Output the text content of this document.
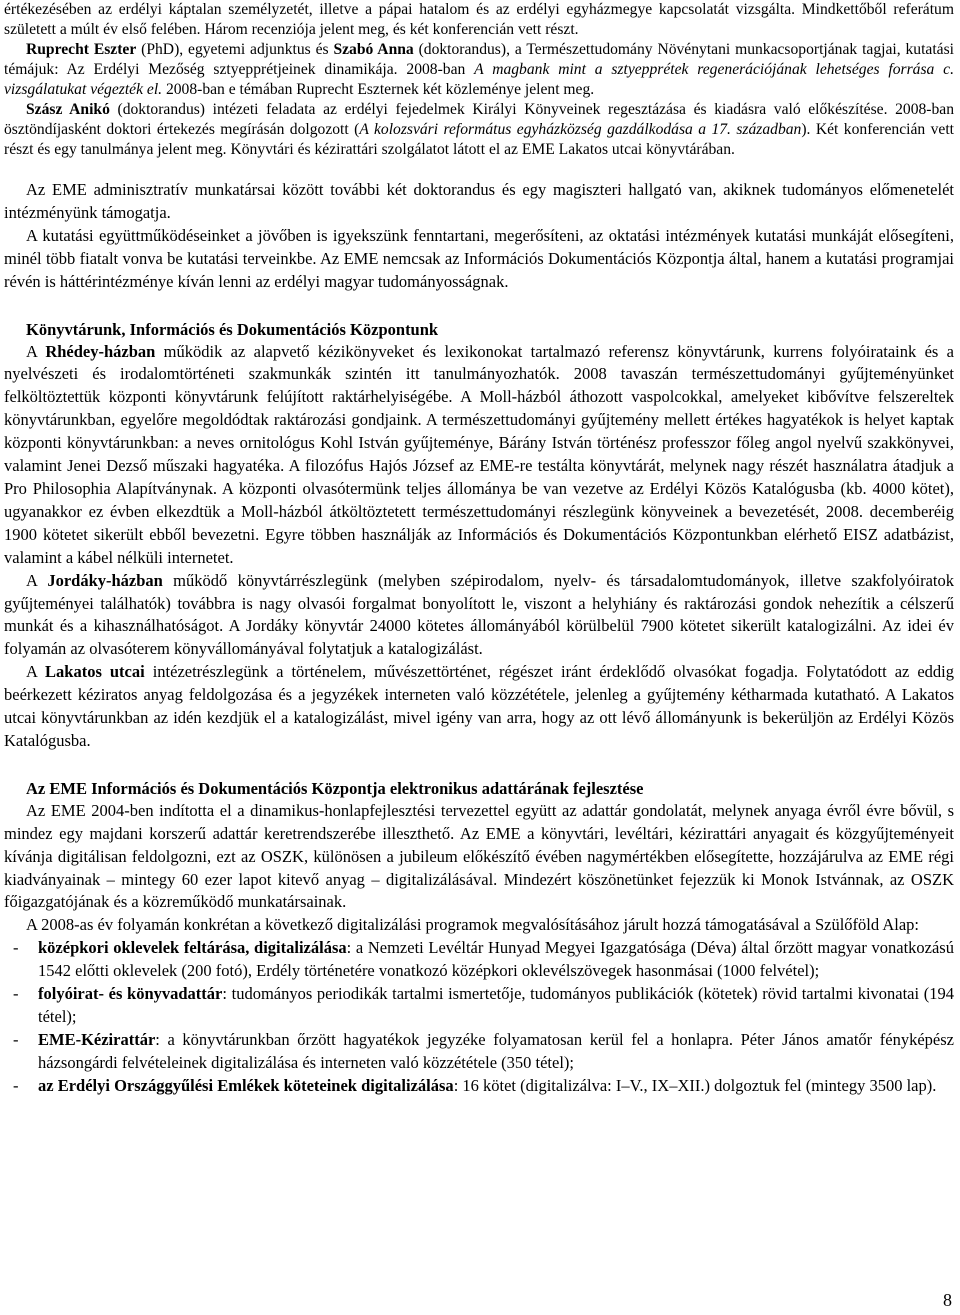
értékezésében az erdélyi káptalan személyzetét, illetve a pápai hatalom és az erdélyi egyházmegye kapcsolatát vizsgálta. Mindkettőből referátum született a múlt év első felében. Három recenziója jelent meg, és két konferencián vett részt.

Ruprecht Eszter (PhD), egyetemi adjunktus és Szabó Anna (doktorandus), a Természettudomány Növénytani munkacsoportjának tagjai, kutatási témájuk: Az Erdélyi Mezőség sztyepprétjeinek dinamikája. 2008-ban A magbank mint a sztyepprétek regenerációjának lehetséges forrása c. vizsgálatukat végezték el. 2008-ban e témában Ruprecht Eszternek két közleménye jelent meg.

Szász Anikó (doktorandus) intézeti feladata az erdélyi fejedelmek Királyi Könyveinek regesztázása és kiadásra való előkészítése. 2008-ban ösztöndíjasként doktori értekezés megírásán dolgozott (A kolozsvári református egyházközség gazdálkodása a 17. században). Két konferencián vett részt és egy tanulmánya jelent meg. Könyvtári és kézirattári szolgálatot látott el az EME Lakatos utcai könyvtárában.

Az EME adminisztratív munkatársai között további két doktorandus és egy magiszteri hallgató van, akiknek tudományos előmenetelét intézményünk támogatja.

A kutatási együttműködéseinket a jövőben is igyekszünk fenntartani, megerősíteni, az oktatási intézmények kutatási munkáját elősegíteni, minél több fiatalt vonva be kutatási terveinkbe. Az EME nemcsak az Információs Dokumentációs Központja által, hanem a kutatási programjai révén is háttérintézménye kíván lenni az erdélyi magyar tudományosságnak.

Könyvtárunk, Információs és Dokumentációs Központunk

A Rhédey-házban működik az alapvető kézikönyveket és lexikonokat tartalmazó referensz könyvtárunk, kurrens folyóirataink és a nyelvészeti és irodalomtörténeti szakmunkák szintén itt tanulmányozhatók. 2008 tavaszán természettudományi gyűjteményünket felköltöztettük központi könyvtárunk felújított raktárhelyiségébe. A Moll-házból áthozott vaspolcokkal, amelyeket kibővítve felszereltek könyvtárunkban, egyelőre megoldódtak raktározási gondjaink. A természettudományi gyűjtemény mellett értékes hagyatékok is helyet kaptak központi könyvtárunkban: a neves ornitológus Kohl István gyűjteménye, Bárány István történész professzor főleg angol nyelvű szakkönyvei, valamint Jenei Dezső műszaki hagyatéka. A filozófus Hajós József az EME-re testálta könyvtárát, melynek nagy részét használatra átadjuk a Pro Philosophia Alapítványnak. A központi olvasótermünk teljes állománya be van vezetve az Erdélyi Közös Katalógusba (kb. 4000 kötet), ugyanakkor ez évben elkezdtük a Moll-házból átköltöztetett természettudományi részlegünk könyveinek a bevezetését, 2008. decemberéig 1900 kötetet sikerült ebből bevezetni. Egyre többen használják az Információs és Dokumentációs Központunkban elérhető EISZ adatbázist, valamint a kábel nélküli internetet.

A Jordáky-házban működő könyvtárrészlegünk (melyben szépirodalom, nyelv- és társadalomtudományok, illetve szakfolyóiratok gyűjteményei találhatók) továbbra is nagy olvasói forgalmat bonyolított le, viszont a helyhiány és raktározási gondok nehezítik a célszerű munkát és a kihasználhatóságot. A Jordáky könyvtár 24000 kötetes állományából körülbelül 7900 kötetet sikerült katalogizálni. Az idei év folyamán az olvasóterem könyvállományával folytatjuk a katalogizálást.

A Lakatos utcai intézetrészlegünk a történelem, művészettörténet, régészet iránt érdeklődő olvasókat fogadja. Folytatódott az eddig beérkezett kéziratos anyag feldolgozása és a jegyzékek interneten való közzététele, jelenleg a gyűjtemény kétharmada kutatható. A Lakatos utcai könyvtárunkban az idén kezdjük el a katalogizálást, mivel igény van arra, hogy az ott lévő állományunk is bekerüljön az Erdélyi Közös Katalógusba.

Az EME Információs és Dokumentációs Központja elektronikus adattárának fejlesztése

Az EME 2004-ben indította el a dinamikus-honlapfejlesztési tervezettel együtt az adattár gondolatát, melynek anyaga évről évre bővül, s mindez egy majdani korszerű adattár keretrendszerébe illeszthető. Az EME a könyvtári, levéltári, kézirattári anyagait és közgyűjteményeit kívánja digitálisan feldolgozni, ezt az OSZK, különösen a jubileum előkészítő évében nagymértékben elősegítette, hozzájárulva az EME régi kiadványainak – mintegy 60 ezer lapot kitevő anyag – digitalizálásával. Mindezért köszönetünket fejezzük ki Monok Istvánnak, az OSZK főigazgatójának és a közreműködő munkatársainak.

A 2008-as év folyamán konkrétan a következő digitalizálási programok megvalósításához járult hozzá támogatásával a Szülőföld Alap:

- középkori oklevelek feltárása, digitalizálása: a Nemzeti Levéltár Hunyad Megyei Igazgatósága (Déva) által őrzött magyar vonatkozású 1542 előtti oklevelek (200 fotó), Erdély történetére vonatkozó középkori oklevélszövegek hasonmásai (1000 felvétel);
- folyóirat- és könyvadattár: tudományos periodikák tartalmi ismertetője, tudományos publikációk (kötetek) rövid tartalmi kivonatai (194 tétel);
- EME-Kézirattár: a könyvtárunkban őrzött hagyatékok jegyzéke folyamatosan kerül fel a honlapra. Péter János amatőr fényképész házsongárdi felvételeinek digitalizálása és interneten való közzététele (350 tétel);
- az Erdélyi Országgyűlési Emlékek köteteinek digitalizálása: 16 kötet (digitalizálva: I–V., IX–XII.) dolgoztuk fel (mintegy 3500 lap).
8
